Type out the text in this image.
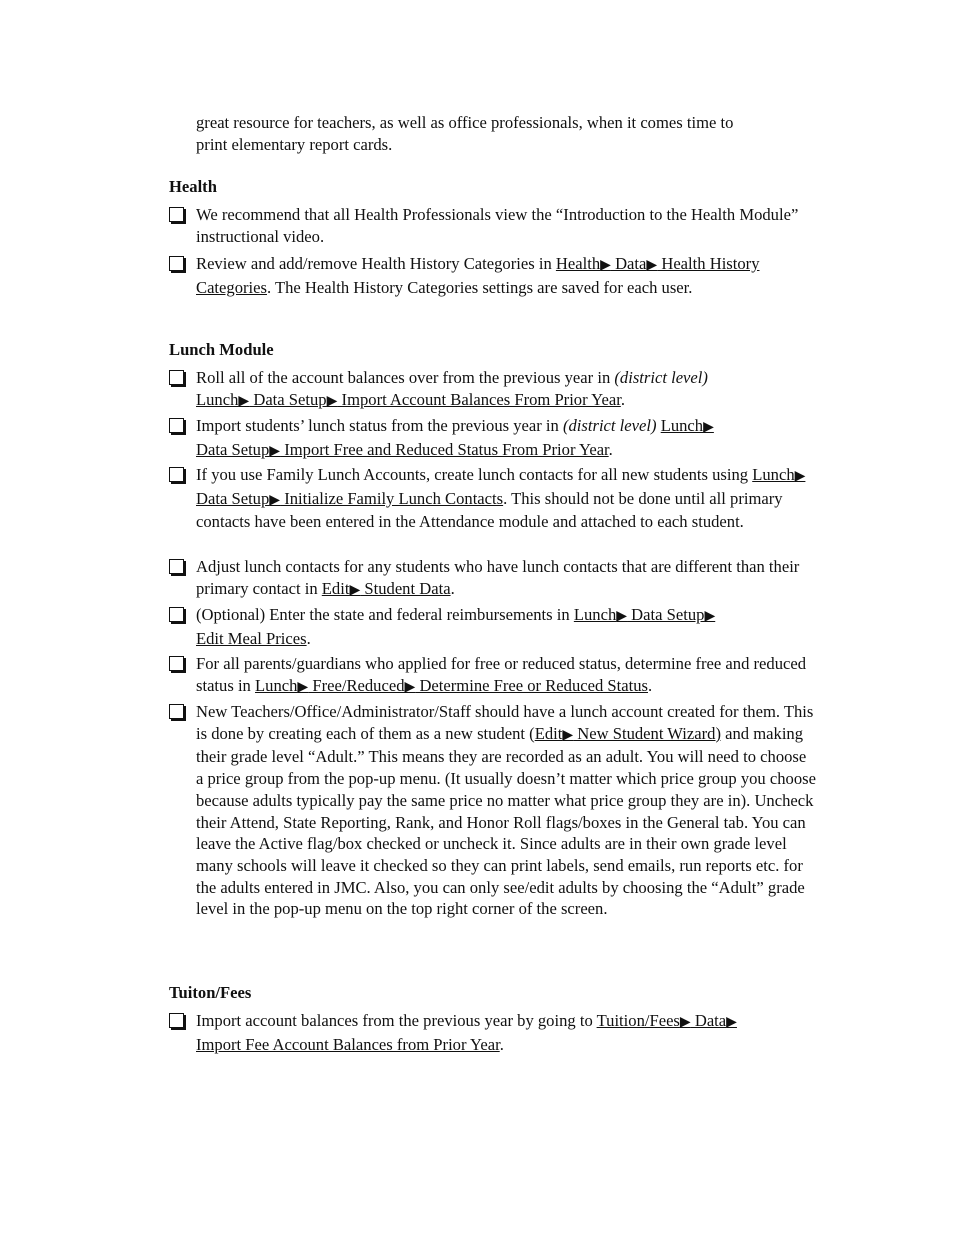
great resource for teachers, as well as office professionals, when it comes time to
print elementary report cards.
Health
We recommend that all Health Professionals view the “Introduction to the Health Module” instructional video.
Review and add/remove Health History Categories in Health▶ Data▶ Health History Categories. The Health History Categories settings are saved for each user.
Lunch Module
Roll all of the account balances over from the previous year in (district level)
Lunch▶ Data Setup▶ Import Account Balances From Prior Year.
Import students’ lunch status from the previous year in (district level) Lunch▶
Data Setup▶ Import Free and Reduced Status From Prior Year.
If you use Family Lunch Accounts, create lunch contacts for all new students using Lunch▶ Data Setup▶ Initialize Family Lunch Contacts. This should not be done until all primary contacts have been entered in the Attendance module and attached to each student.
Adjust lunch contacts for any students who have lunch contacts that are different than their primary contact in Edit▶ Student Data.
(Optional) Enter the state and federal reimbursements in Lunch▶ Data Setup▶
Edit Meal Prices.
For all parents/guardians who applied for free or reduced status, determine free and reduced status in Lunch▶ Free/Reduced▶ Determine Free or Reduced Status.
New Teachers/Office/Administrator/Staff should have a lunch account created for them. This is done by creating each of them as a new student (Edit▶ New Student Wizard) and making their grade level “Adult.” This means they are recorded as an adult. You will need to choose a price group from the pop-up menu. (It usually doesn’t matter which price group you choose because adults typically pay the same price no matter what price group they are in). Uncheck their Attend, State Reporting, Rank, and Honor Roll flags/boxes in the General tab. You can leave the Active flag/box checked or uncheck it. Since adults are in their own grade level many schools will leave it checked so they can print labels, send emails, run reports etc. for the adults entered in JMC. Also, you can only see/edit adults by choosing the “Adult” grade level in the pop-up menu on the top right corner of the screen.
Tuiton/Fees
Import account balances from the previous year by going to Tuition/Fees▶ Data▶
Import Fee Account Balances from Prior Year.
